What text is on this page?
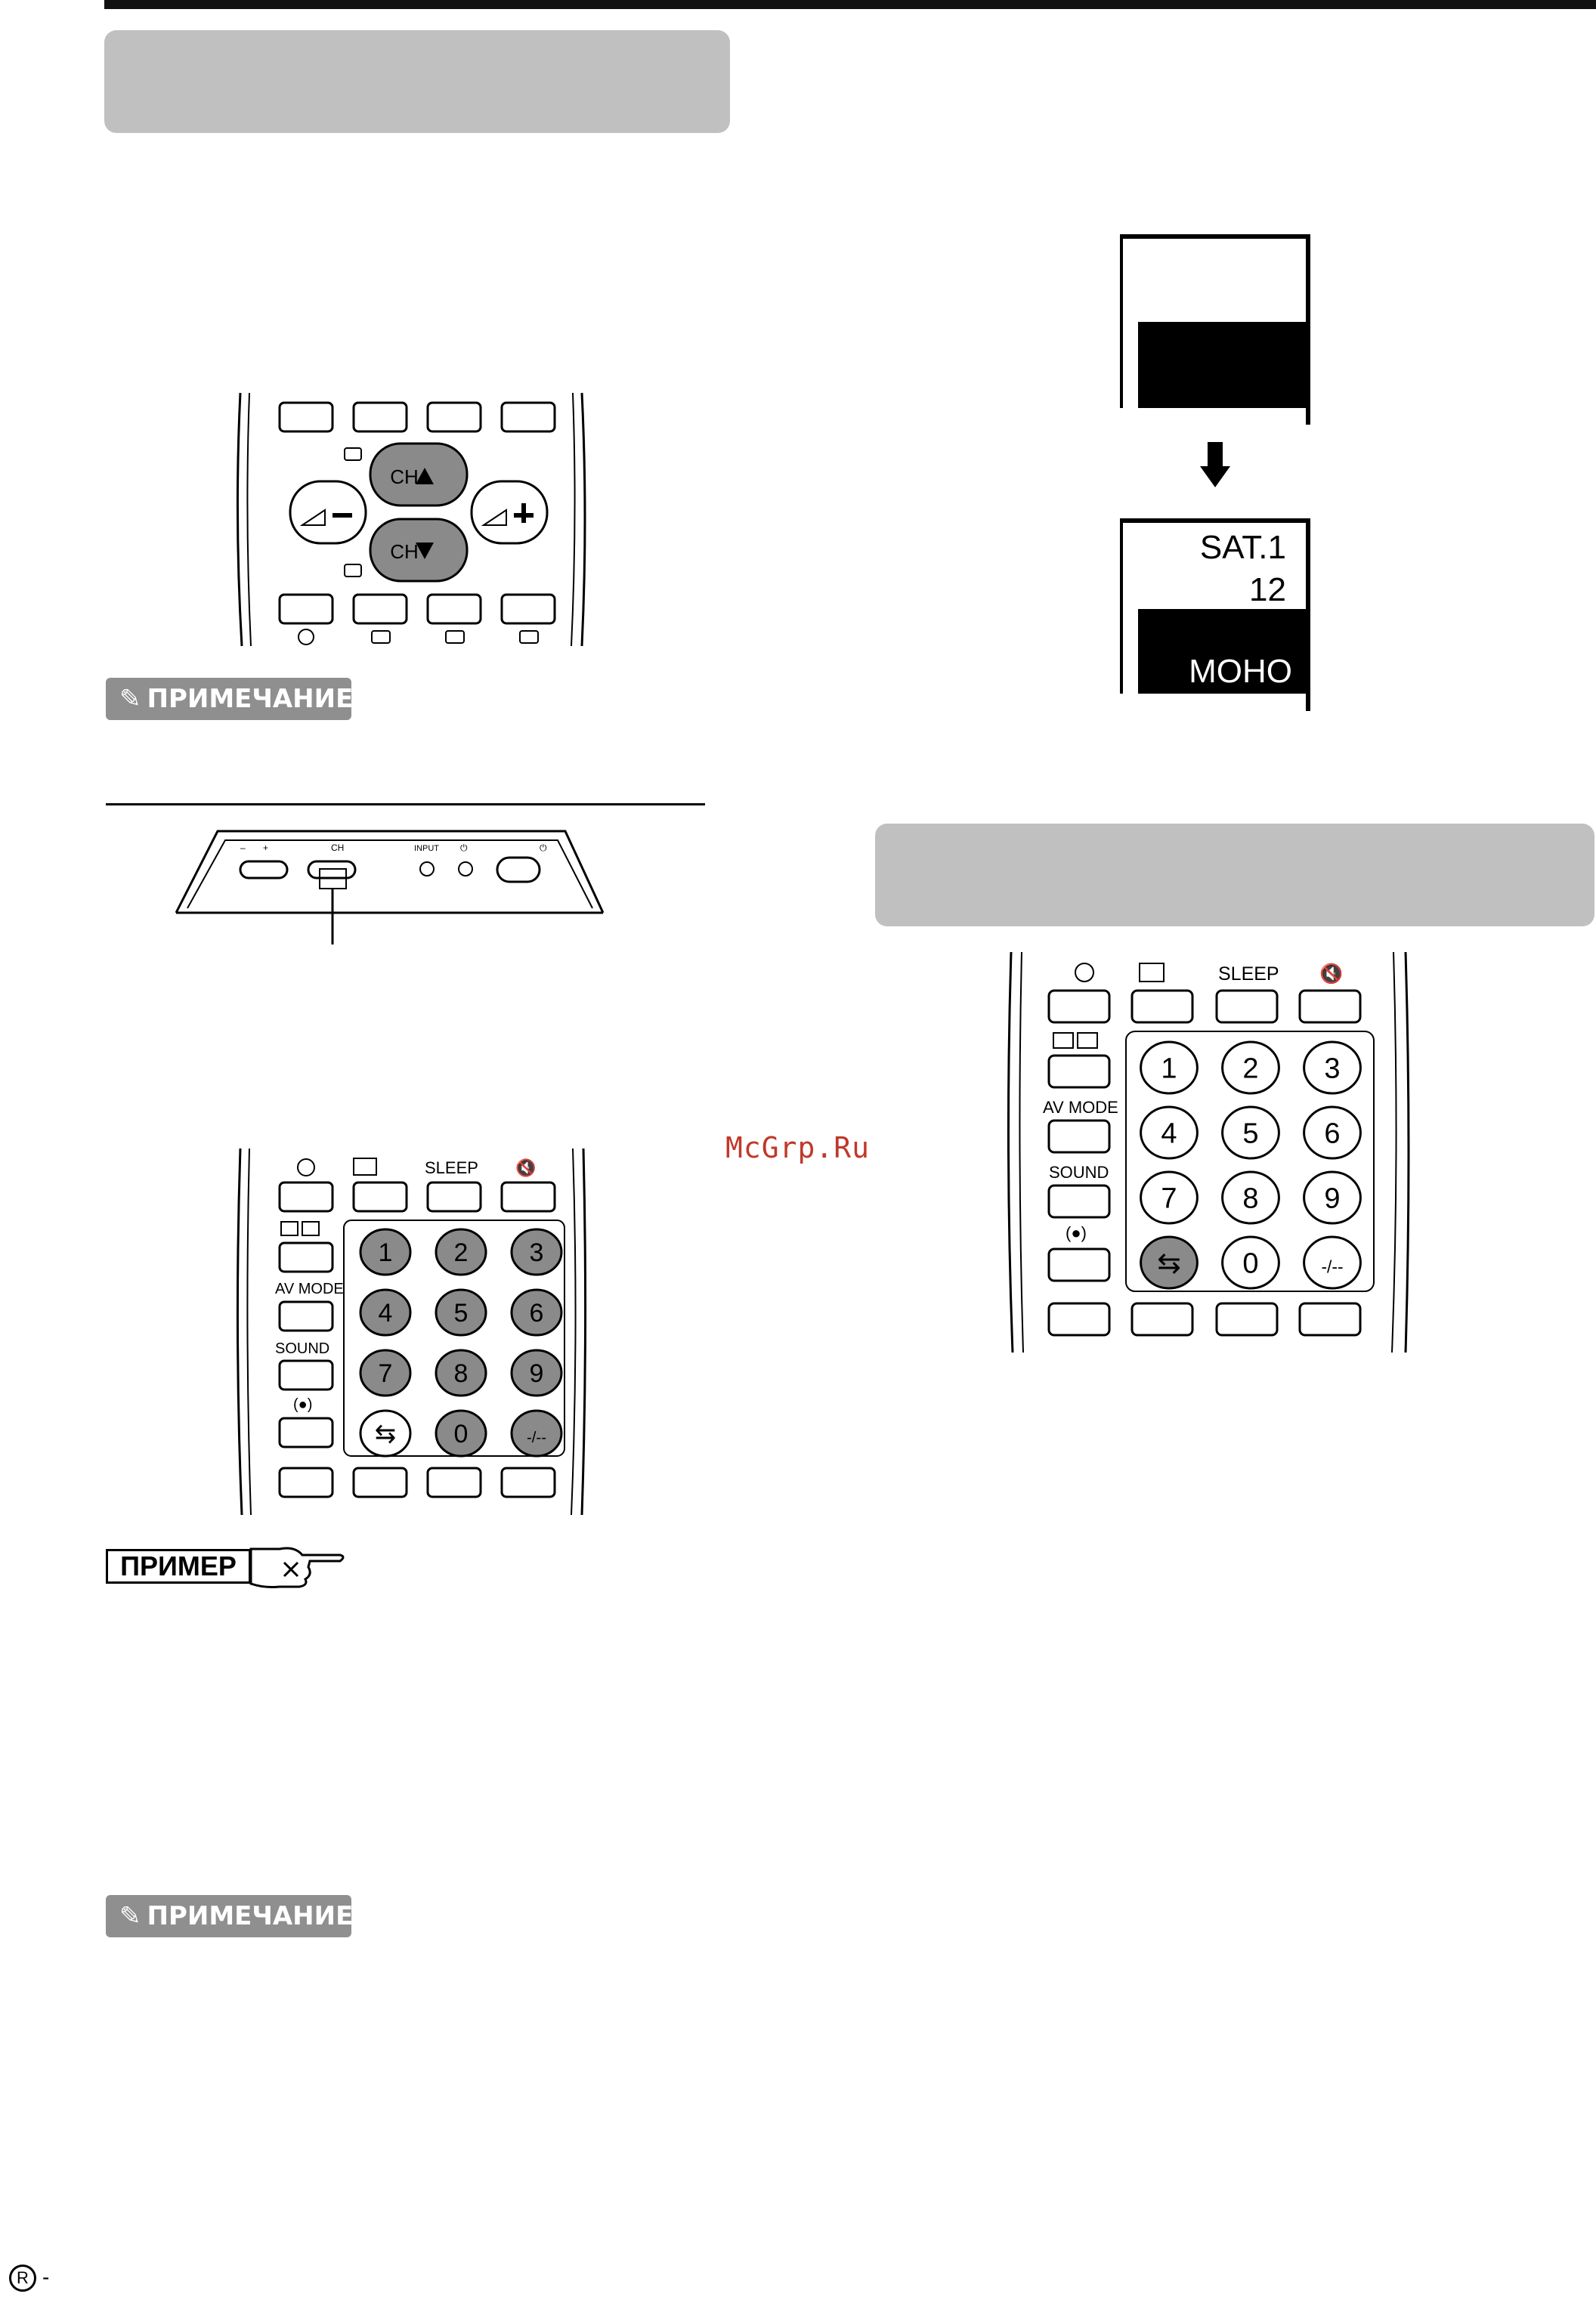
CH
CH
✎ ПРИМЕЧАНИЕ
– +	CH	INPUT ⏻	⏻
SLEEP 🔇
AV MODE
SOUND
(●)
1 2 3
4 5 6
7 8 9
⇆ 0	-/--
ПРИМЕР
✎ ПРИМЕЧАНИЕ
SAT.1
12
МОНО
McGrp.Ru
SLEEP 🔇
AV MODE
SOUND
(●)
1 2 3
4 5 6
7 8 9
⇆ 0	-/--
R -
